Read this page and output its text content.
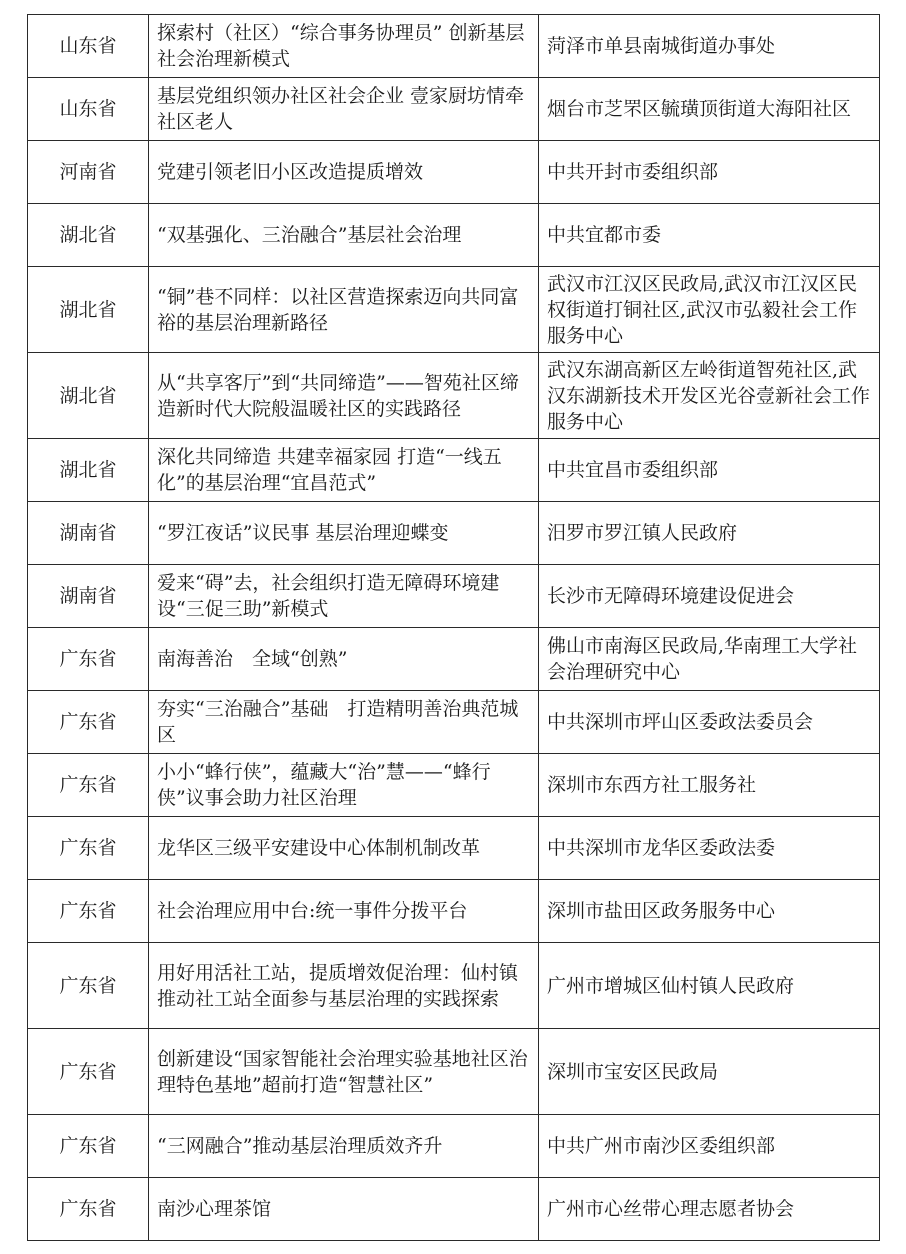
山东省	探索村（社区）“综合事务协理员” 创新基层社会治理新模式	菏泽市单县南城街道办事处
山东省	基层党组织领办社区社会企业 壹家厨坊情牵社区老人	烟台市芝罘区毓璜顶街道大海阳社区
河南省	党建引领老旧小区改造提质增效	中共开封市委组织部
湖北省	“双基强化、三治融合”基层社会治理	中共宜都市委
湖北省	“铜”巷不同样：以社区营造探索迈向共同富裕的基层治理新路径	武汉市江汉区民政局,武汉市江汉区民权街道打铜社区,武汉市弘毅社会工作服务中心
湖北省	从“共享客厅”到“共同缔造”——智苑社区缔造新时代大院般温暖社区的实践路径	武汉东湖高新区左岭街道智苑社区,武汉东湖新技术开发区光谷壹新社会工作服务中心
湖北省	深化共同缔造 共建幸福家园 打造“一线五化”的基层治理“宜昌范式”	中共宜昌市委组织部
湖南省	“罗江夜话”议民事 基层治理迎蝶变	汨罗市罗江镇人民政府
湖南省	爱来“碍”去，社会组织打造无障碍环境建设“三促三助”新模式	长沙市无障碍环境建设促进会
广东省	南海善治　全域“创熟”	佛山市南海区民政局,华南理工大学社会治理研究中心
广东省	夯实“三治融合”基础　打造精明善治典范城区	中共深圳市坪山区委政法委员会
广东省	小小“蜂行侠”，蕴藏大“治”慧——“蜂行侠”议事会助力社区治理	深圳市东西方社工服务社
广东省	龙华区三级平安建设中心体制机制改革	中共深圳市龙华区委政法委
广东省	社会治理应用中台:统一事件分拨平台	深圳市盐田区政务服务中心
广东省	用好用活社工站，提质增效促治理：仙村镇推动社工站全面参与基层治理的实践探索	广州市增城区仙村镇人民政府
广东省	创新建设“国家智能社会治理实验基地社区治理特色基地”超前打造“智慧社区”	深圳市宝安区民政局
广东省	“三网融合”推动基层治理质效齐升	中共广州市南沙区委组织部
广东省	南沙心理茶馆	广州市心丝带心理志愿者协会
